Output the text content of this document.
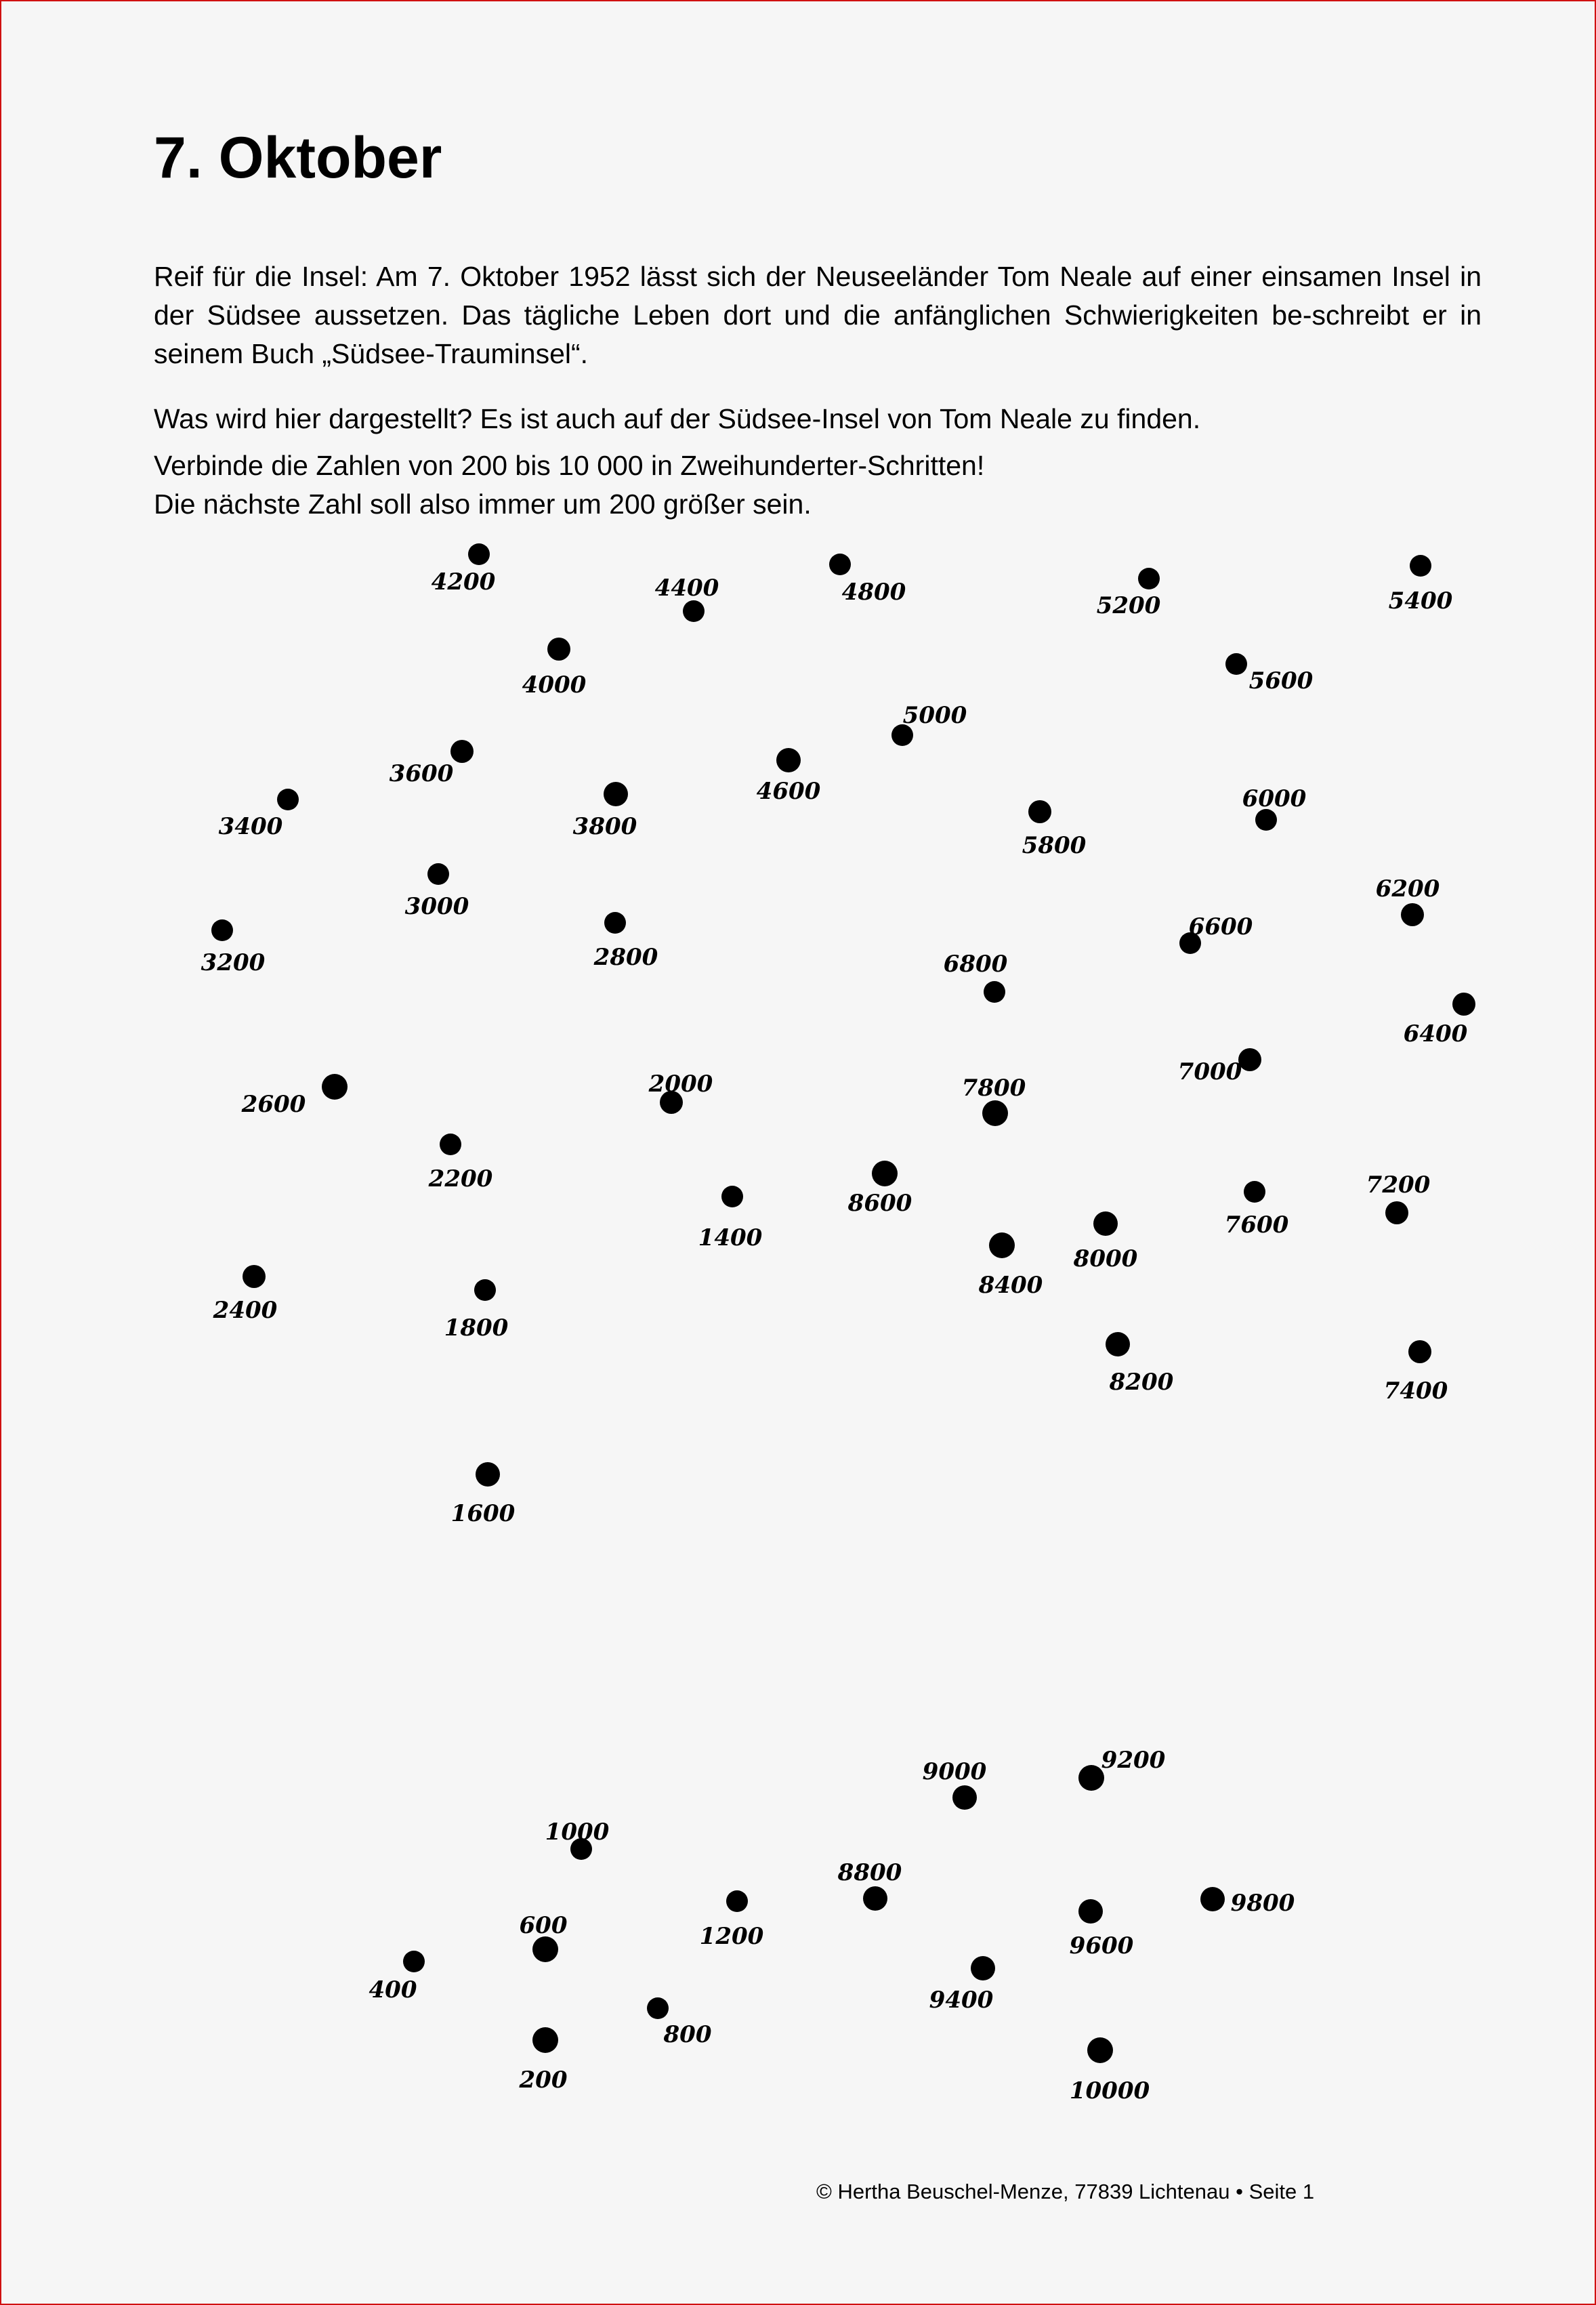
7. Oktober

Reif für die Insel: Am 7. Oktober 1952 lässt sich der Neuseeländer Tom Neale auf einer einsamen Insel in der Südsee aussetzen. Das tägliche Leben dort und die anfänglichen Schwierigkeiten be-schreibt er in seinem Buch „Südsee-Trauminsel“.

Was wird hier dargestellt? Es ist auch auf der Südsee-Insel von Tom Neale zu finden.

Verbinde die Zahlen von 200 bis 10 000 in Zweihunderter-Schritten!

Die nächste Zahl soll also immer um 200 größer sein.

© Hertha Beuschel-Menze, 77839 Lichtenau • Seite 1

200
400
600
800
1000
1200
1400
1600
1800
2000
2200
2400
2600
2800
3000
3200
3400
3600
3800
4000
4200	4400
4600
4800
5000
5200	5400
5600
5800
6000
6200
6400
6600
6800
7000
7200
7400
7600
7800
8000
8200
8400
8600
8800
9000	9200
9400
9600
9800
10000
